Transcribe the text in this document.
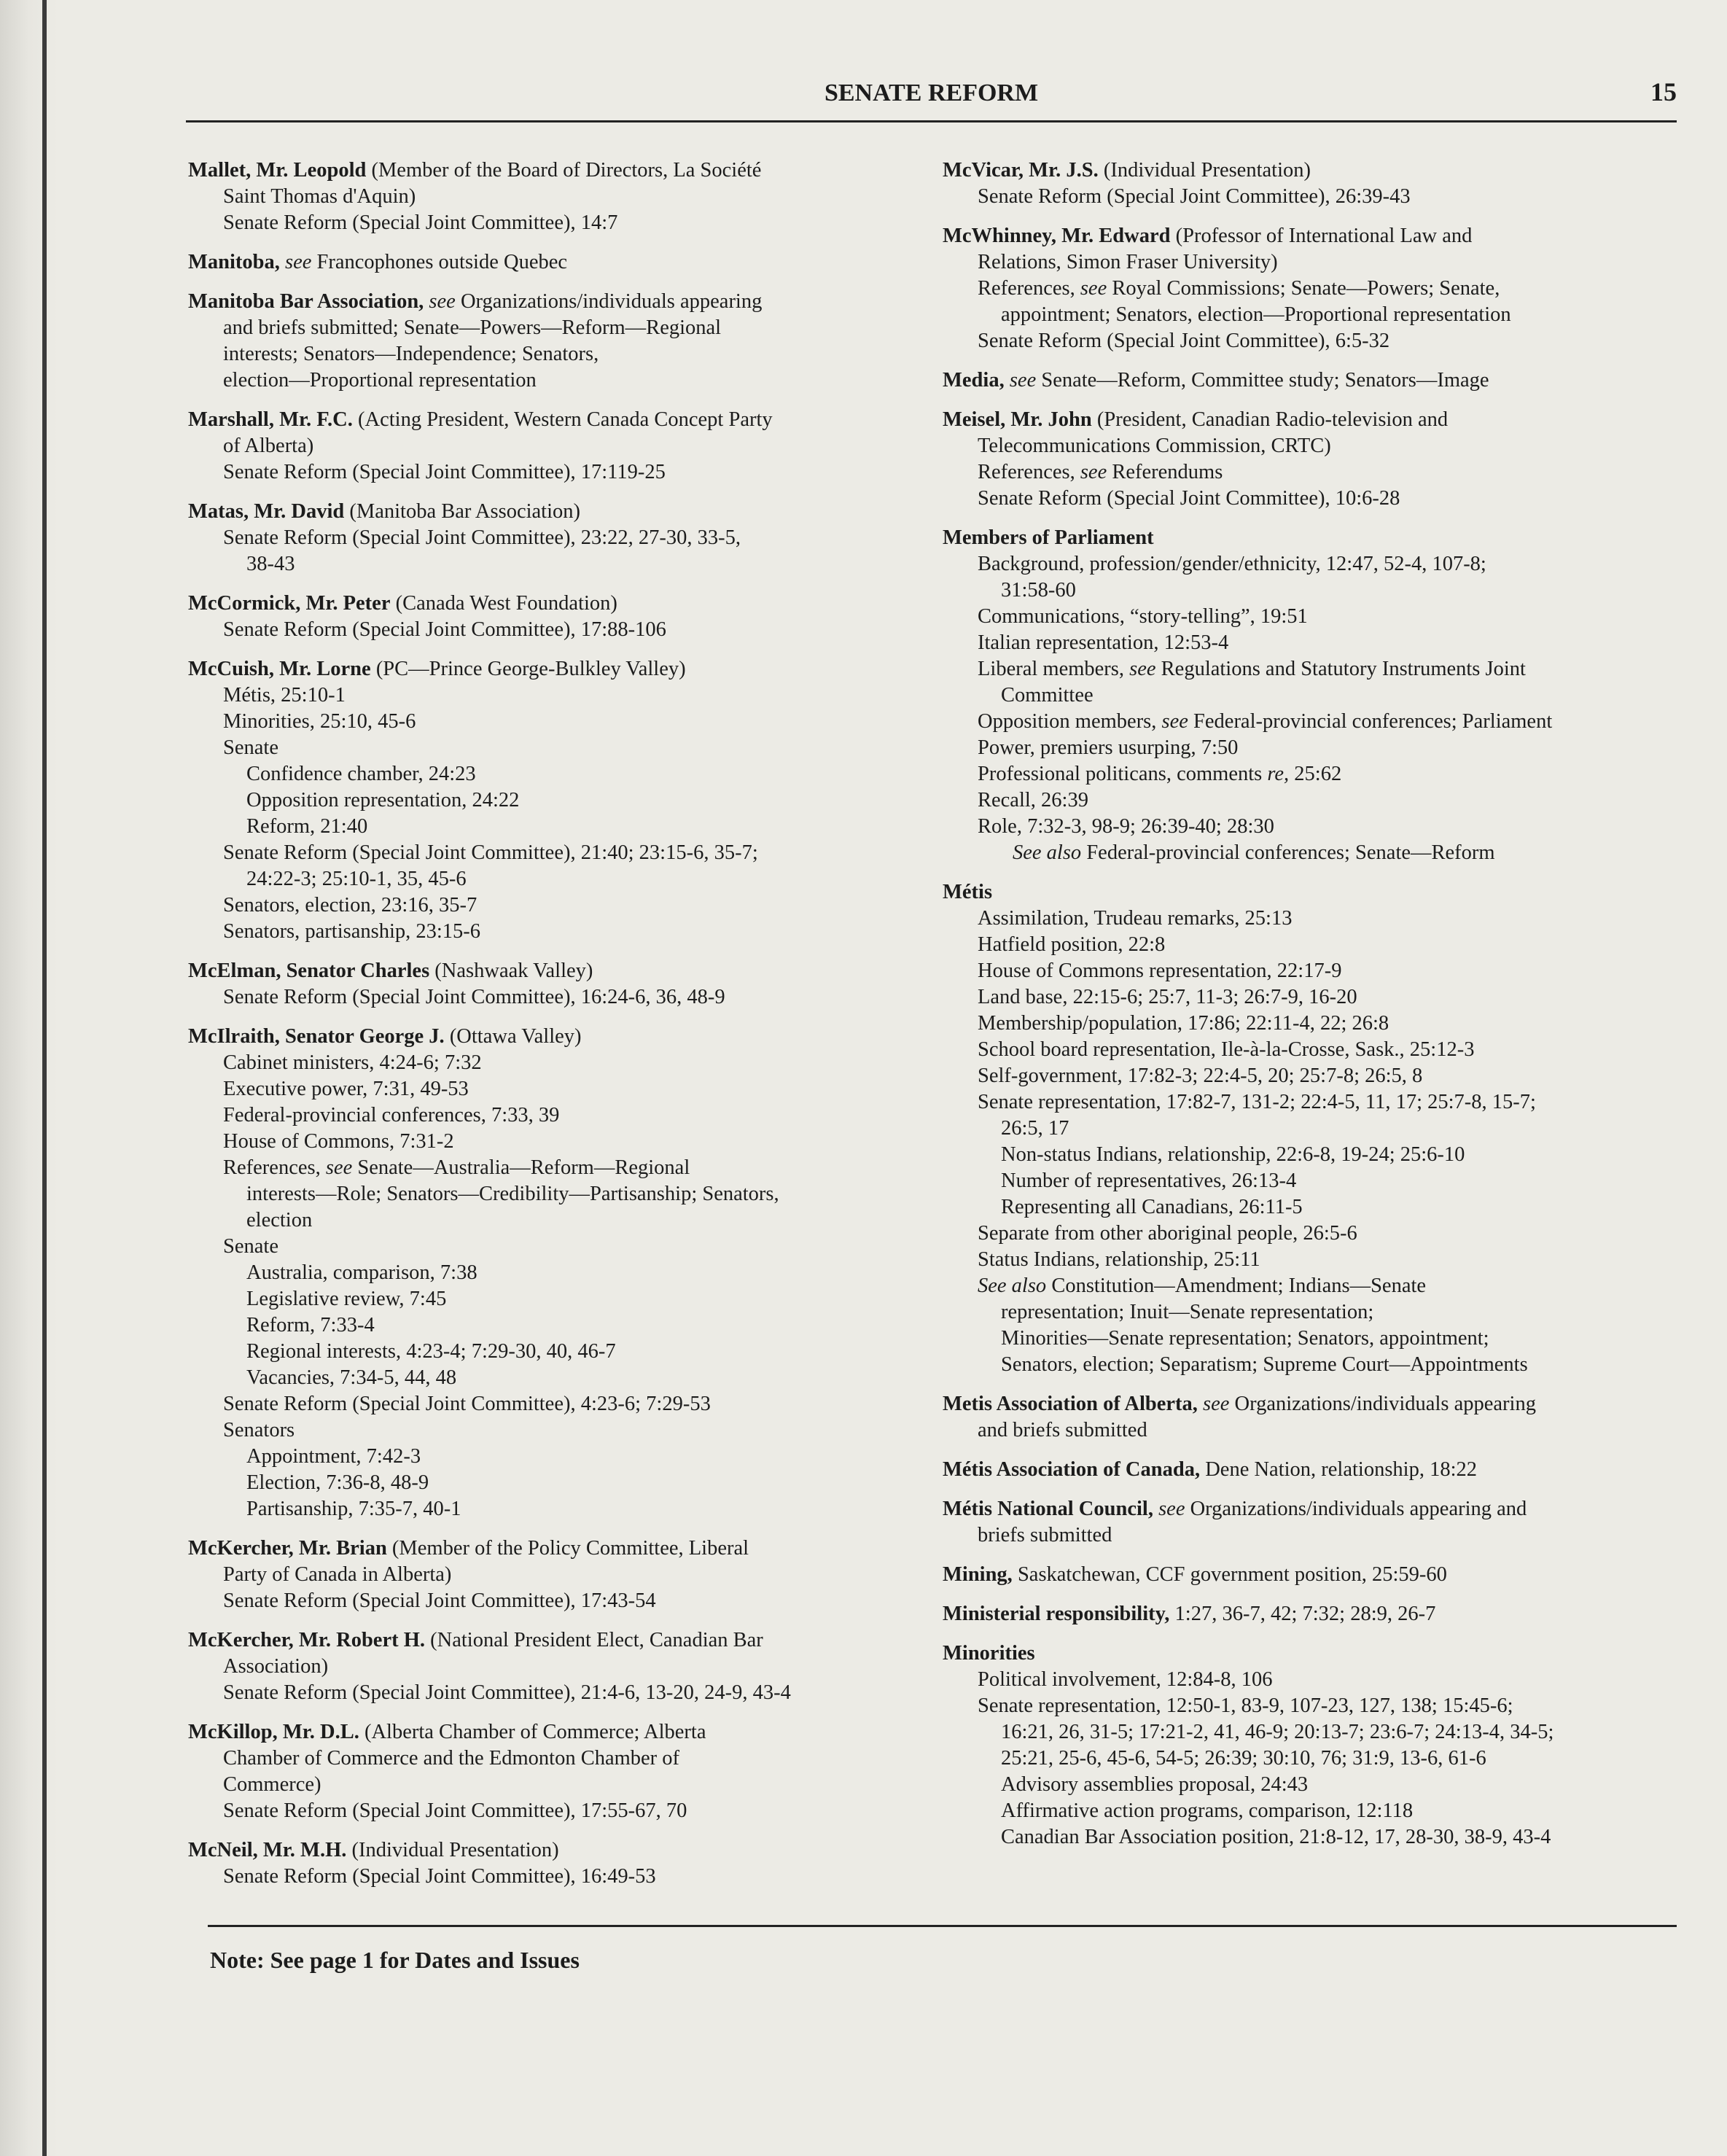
SENATE REFORM	15
Mallet, Mr. Leopold (Member of the Board of Directors, La Société
Saint Thomas d'Aquin)
Senate Reform (Special Joint Committee), 14:7
Manitoba, see Francophones outside Quebec
Manitoba Bar Association, see Organizations/individuals appearing
and briefs submitted; Senate—Powers—Reform—Regional
interests; Senators—Independence; Senators,
election—Proportional representation
Marshall, Mr. F.C. (Acting President, Western Canada Concept Party
of Alberta)
Senate Reform (Special Joint Committee), 17:119-25
Matas, Mr. David (Manitoba Bar Association)
Senate Reform (Special Joint Committee), 23:22, 27-30, 33-5,
38-43
McCormick, Mr. Peter (Canada West Foundation)
Senate Reform (Special Joint Committee), 17:88-106
McCuish, Mr. Lorne (PC—Prince George-Bulkley Valley)
Métis, 25:10-1
Minorities, 25:10, 45-6
Senate
Confidence chamber, 24:23
Opposition representation, 24:22
Reform, 21:40
Senate Reform (Special Joint Committee), 21:40; 23:15-6, 35-7;
24:22-3; 25:10-1, 35, 45-6
Senators, election, 23:16, 35-7
Senators, partisanship, 23:15-6
McElman, Senator Charles (Nashwaak Valley)
Senate Reform (Special Joint Committee), 16:24-6, 36, 48-9
McIlraith, Senator George J. (Ottawa Valley)
Cabinet ministers, 4:24-6; 7:32
Executive power, 7:31, 49-53
Federal-provincial conferences, 7:33, 39
House of Commons, 7:31-2
References, see Senate—Australia—Reform—Regional
interests—Role; Senators—Credibility—Partisanship; Senators,
election
Senate
Australia, comparison, 7:38
Legislative review, 7:45
Reform, 7:33-4
Regional interests, 4:23-4; 7:29-30, 40, 46-7
Vacancies, 7:34-5, 44, 48
Senate Reform (Special Joint Committee), 4:23-6; 7:29-53
Senators
Appointment, 7:42-3
Election, 7:36-8, 48-9
Partisanship, 7:35-7, 40-1
McKercher, Mr. Brian (Member of the Policy Committee, Liberal
Party of Canada in Alberta)
Senate Reform (Special Joint Committee), 17:43-54
McKercher, Mr. Robert H. (National President Elect, Canadian Bar
Association)
Senate Reform (Special Joint Committee), 21:4-6, 13-20, 24-9, 43-4
McKillop, Mr. D.L. (Alberta Chamber of Commerce; Alberta
Chamber of Commerce and the Edmonton Chamber of
Commerce)
Senate Reform (Special Joint Committee), 17:55-67, 70
McNeil, Mr. M.H. (Individual Presentation)
Senate Reform (Special Joint Committee), 16:49-53
McVicar, Mr. J.S. (Individual Presentation)
Senate Reform (Special Joint Committee), 26:39-43
McWhinney, Mr. Edward (Professor of International Law and
Relations, Simon Fraser University)
References, see Royal Commissions; Senate—Powers; Senate,
appointment; Senators, election—Proportional representation
Senate Reform (Special Joint Committee), 6:5-32
Media, see Senate—Reform, Committee study; Senators—Image
Meisel, Mr. John (President, Canadian Radio-television and
Telecommunications Commission, CRTC)
References, see Referendums
Senate Reform (Special Joint Committee), 10:6-28
Members of Parliament
Background, profession/gender/ethnicity, 12:47, 52-4, 107-8;
31:58-60
Communications, “story-telling”, 19:51
Italian representation, 12:53-4
Liberal members, see Regulations and Statutory Instruments Joint
Committee
Opposition members, see Federal-provincial conferences; Parliament
Power, premiers usurping, 7:50
Professional politicans, comments re, 25:62
Recall, 26:39
Role, 7:32-3, 98-9; 26:39-40; 28:30
See also Federal-provincial conferences; Senate—Reform
Métis
Assimilation, Trudeau remarks, 25:13
Hatfield position, 22:8
House of Commons representation, 22:17-9
Land base, 22:15-6; 25:7, 11-3; 26:7-9, 16-20
Membership/population, 17:86; 22:11-4, 22; 26:8
School board representation, Ile-à-la-Crosse, Sask., 25:12-3
Self-government, 17:82-3; 22:4-5, 20; 25:7-8; 26:5, 8
Senate representation, 17:82-7, 131-2; 22:4-5, 11, 17; 25:7-8, 15-7;
26:5, 17
Non-status Indians, relationship, 22:6-8, 19-24; 25:6-10
Number of representatives, 26:13-4
Representing all Canadians, 26:11-5
Separate from other aboriginal people, 26:5-6
Status Indians, relationship, 25:11
See also Constitution—Amendment; Indians—Senate
representation; Inuit—Senate representation;
Minorities—Senate representation; Senators, appointment;
Senators, election; Separatism; Supreme Court—Appointments
Metis Association of Alberta, see Organizations/individuals appearing
and briefs submitted
Métis Association of Canada, Dene Nation, relationship, 18:22
Métis National Council, see Organizations/individuals appearing and
briefs submitted
Mining, Saskatchewan, CCF government position, 25:59-60
Ministerial responsibility, 1:27, 36-7, 42; 7:32; 28:9, 26-7
Minorities
Political involvement, 12:84-8, 106
Senate representation, 12:50-1, 83-9, 107-23, 127, 138; 15:45-6;
16:21, 26, 31-5; 17:21-2, 41, 46-9; 20:13-7; 23:6-7; 24:13-4, 34-5;
25:21, 25-6, 45-6, 54-5; 26:39; 30:10, 76; 31:9, 13-6, 61-6
Advisory assemblies proposal, 24:43
Affirmative action programs, comparison, 12:118
Canadian Bar Association position, 21:8-12, 17, 28-30, 38-9, 43-4
Note: See page 1 for Dates and Issues
